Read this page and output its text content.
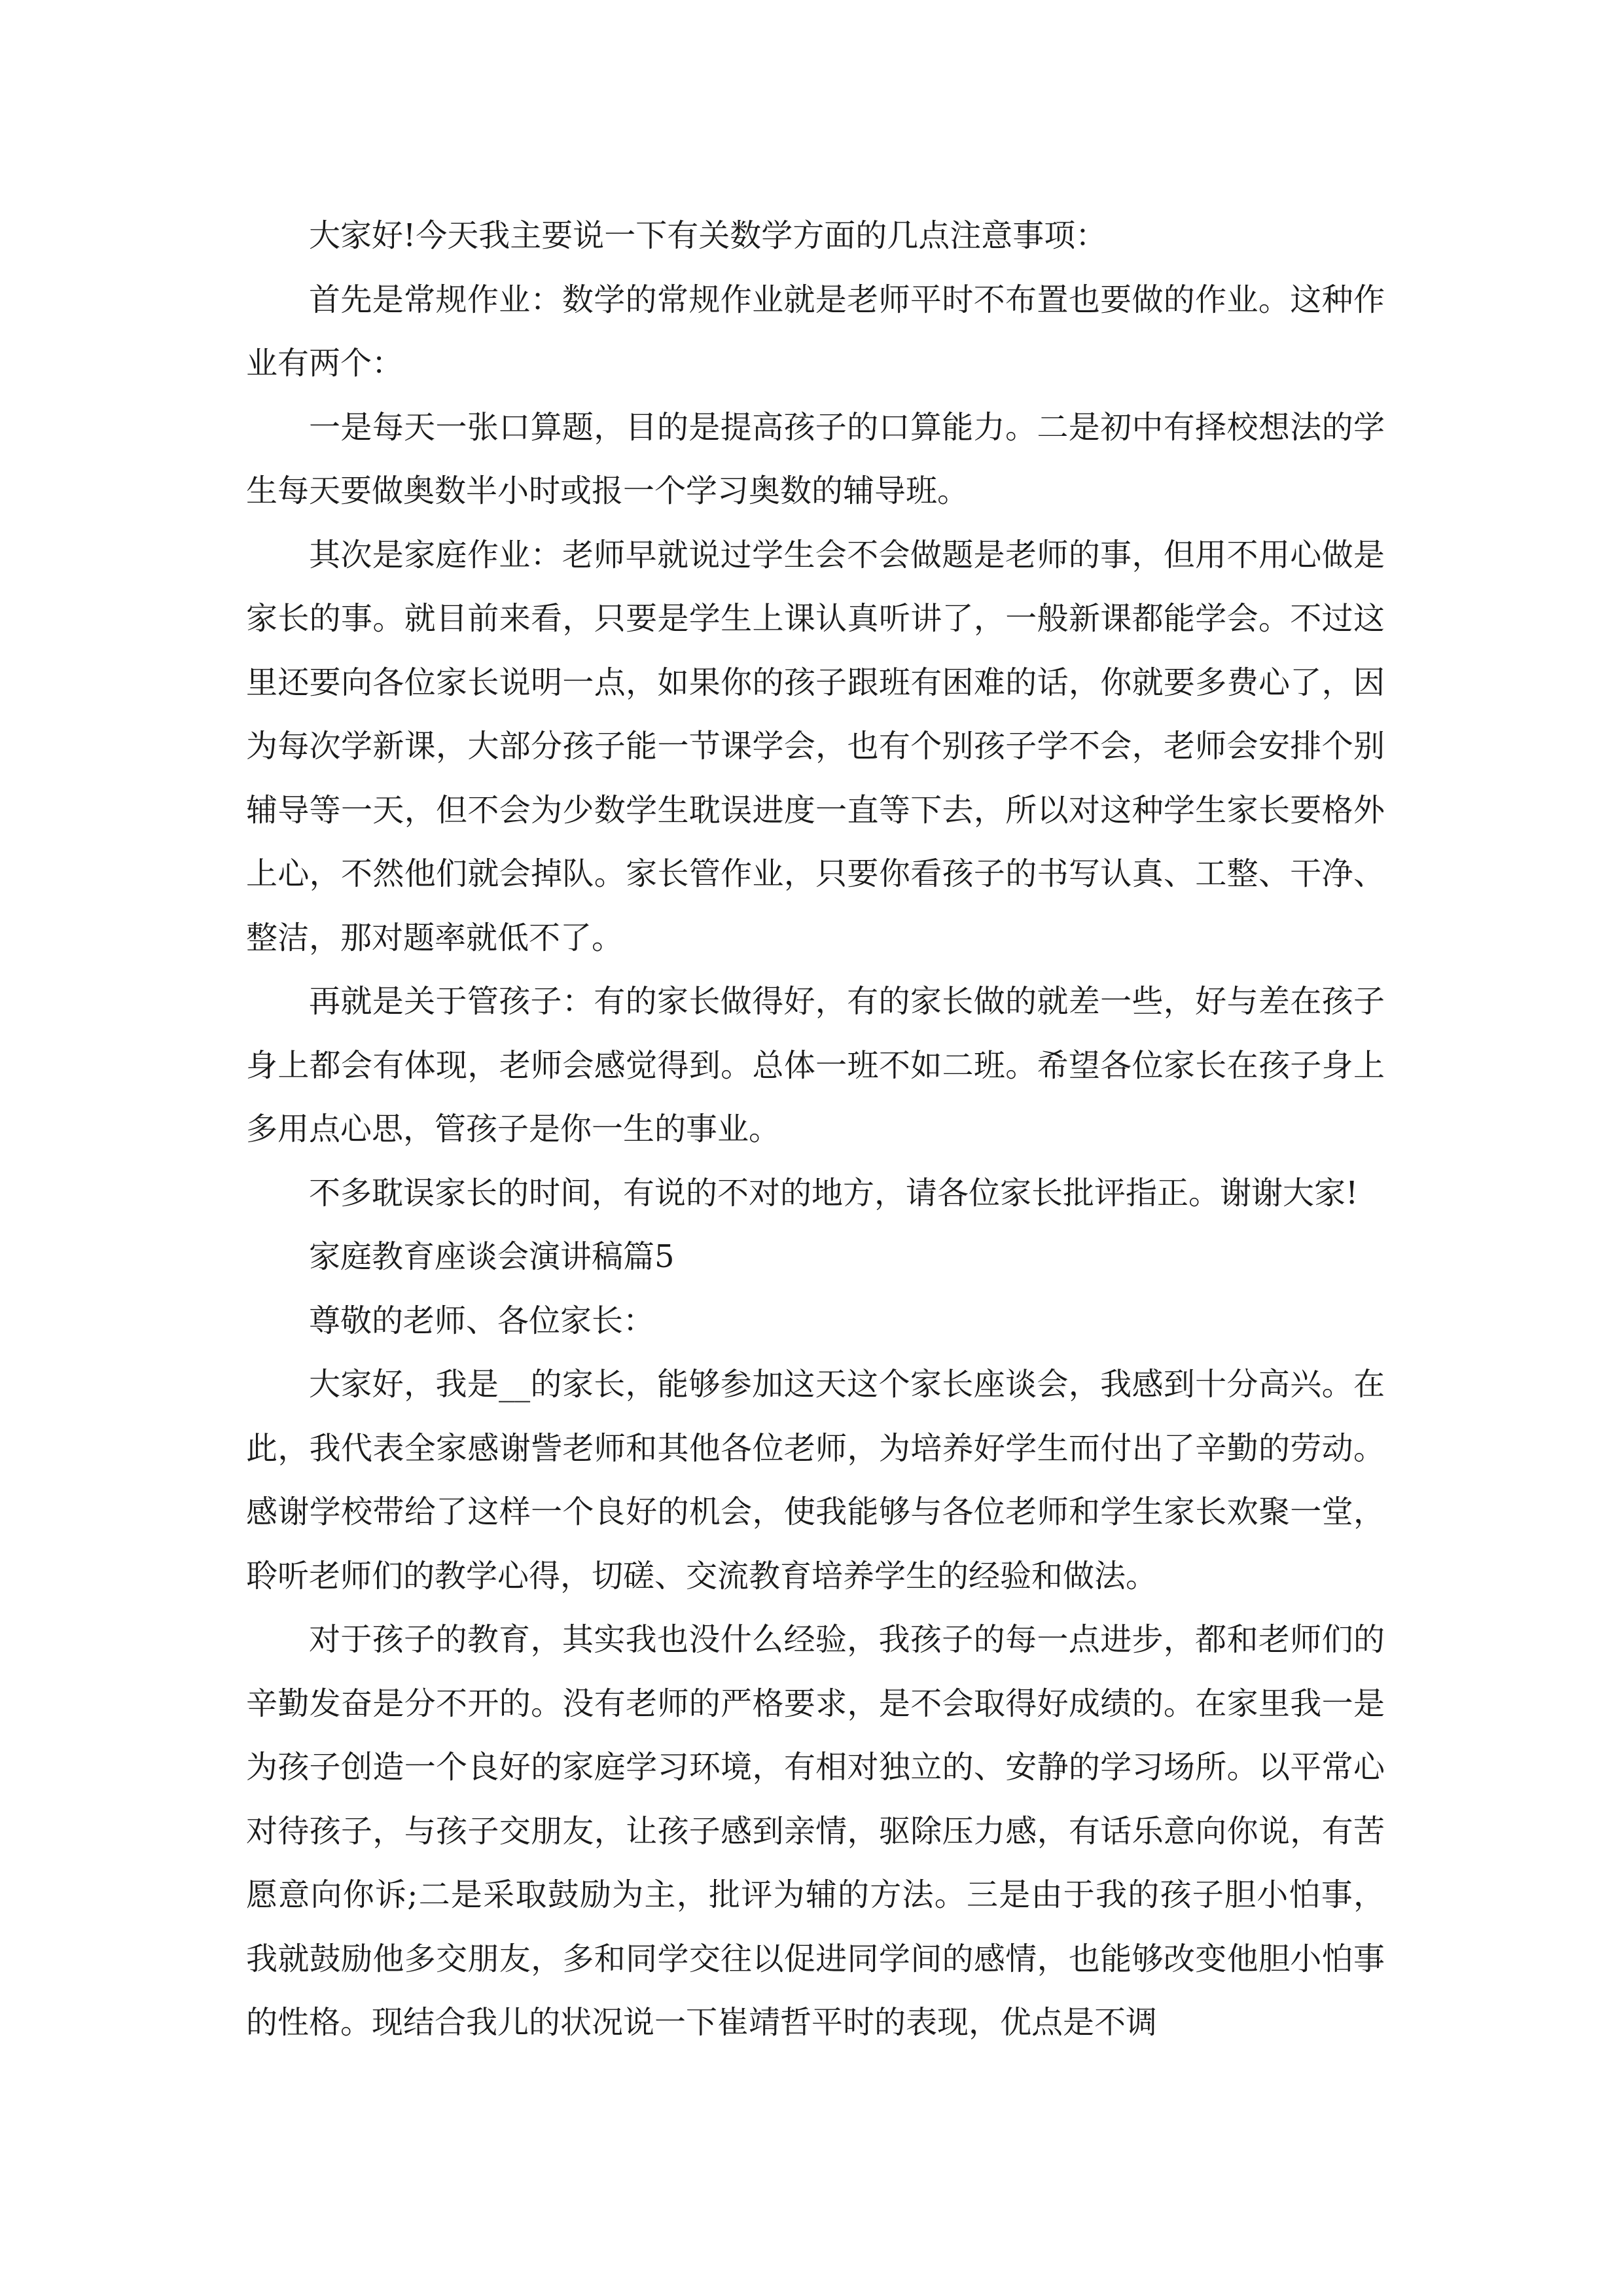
大家好!今天我主要说一下有关数学方面的几点注意事项：

首先是常规作业：数学的常规作业就是老师平时不布置也要做的作业。这种作业有两个：

一是每天一张口算题，目的是提高孩子的口算能力。二是初中有择校想法的学生每天要做奥数半小时或报一个学习奥数的辅导班。

其次是家庭作业：老师早就说过学生会不会做题是老师的事，但用不用心做是家长的事。就目前来看，只要是学生上课认真听讲了，一般新课都能学会。不过这里还要向各位家长说明一点，如果你的孩子跟班有困难的话，你就要多费心了，因为每次学新课，大部分孩子能一节课学会，也有个别孩子学不会，老师会安排个别辅导等一天，但不会为少数学生耽误进度一直等下去，所以对这种学生家长要格外上心，不然他们就会掉队。家长管作业，只要你看孩子的书写认真、工整、干净、整洁，那对题率就低不了。

再就是关于管孩子：有的家长做得好，有的家长做的就差一些，好与差在孩子身上都会有体现，老师会感觉得到。总体一班不如二班。希望各位家长在孩子身上多用点心思，管孩子是你一生的事业。

不多耽误家长的时间，有说的不对的地方，请各位家长批评指正。谢谢大家!

家庭教育座谈会演讲稿篇5

尊敬的老师、各位家长：

大家好，我是__的家长，能够参加这天这个家长座谈会，我感到十分高兴。在此，我代表全家感谢訾老师和其他各位老师，为培养好学生而付出了辛勤的劳动。感谢学校带给了这样一个良好的机会，使我能够与各位老师和学生家长欢聚一堂，聆听老师们的教学心得，切磋、交流教育培养学生的经验和做法。

对于孩子的教育，其实我也没什么经验，我孩子的每一点进步，都和老师们的辛勤发奋是分不开的。没有老师的严格要求，是不会取得好成绩的。在家里我一是为孩子创造一个良好的家庭学习环境，有相对独立的、安静的学习场所。以平常心对待孩子，与孩子交朋友，让孩子感到亲情，驱除压力感，有话乐意向你说，有苦愿意向你诉;二是采取鼓励为主，批评为辅的方法。三是由于我的孩子胆小怕事，我就鼓励他多交朋友，多和同学交往以促进同学间的感情，也能够改变他胆小怕事的性格。现结合我儿的状况说一下崔靖哲平时的表现，优点是不调
